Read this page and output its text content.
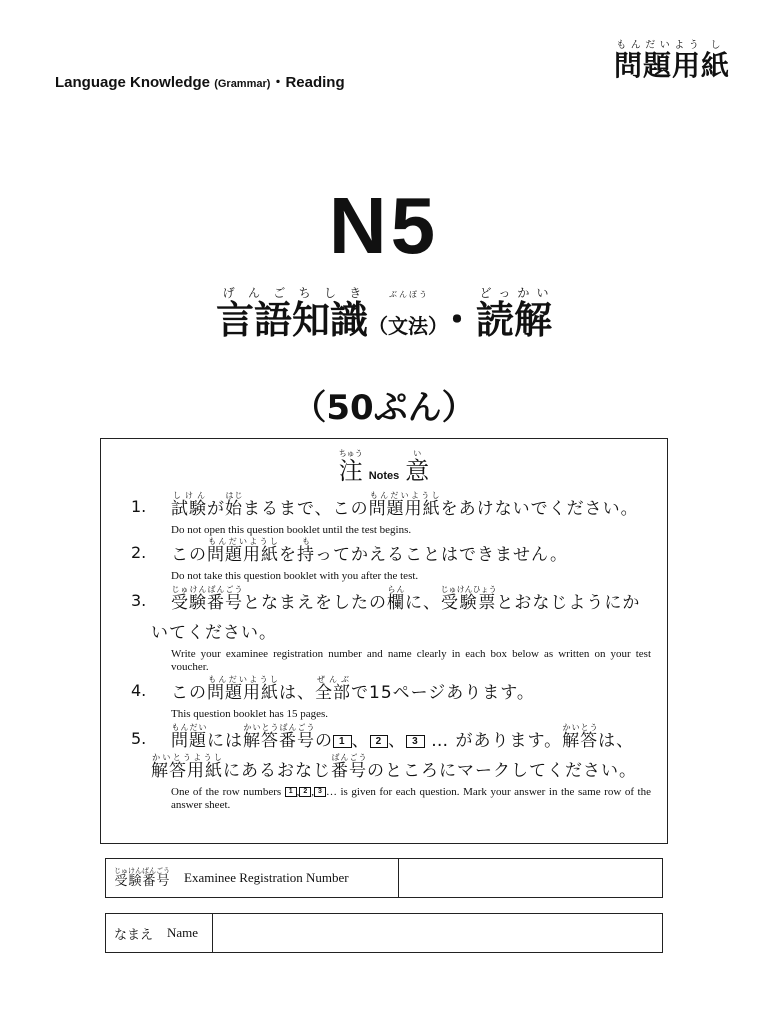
Language Knowledge (Grammar)・Reading
問もん題だい用よう紙し
N5
言語知識げんごちしき（文法ぶんぽう）・読解どっかい
（50ぷん）
注ちゅうNotes 意い
1. 試験しけんが始はじまるまで、この問題用紙もんだいようしをあけないでください。
Do not open this question booklet until the test begins.
2. この問題用紙もんだいようしを持もってかえることはできません。
Do not take this question booklet with you after the test.
3.	受験番号じゅけんばんごうとなまえをしたの欄らんに、受験票じゅけんひょうとおなじようにかいてください。
Write your examinee registration number and name clearly in each box below as written on your test voucher.
4. この問題用紙もんだいようしは、全部ぜんぶで15ページあります。
This question booklet has 15 pages.
5.	問題もんだいには解答番号かいとうばんごうの 1 、 2 、 3 … があります。解答かいとうは、解答用紙かいとうようしにあるおなじ番号ばんごうのところにマークしてください。
One of the row numbers 1 , 2 , 3 … is given for each question. Mark your answer in the same row of the answer sheet.
受験番号じゅけんばんごう Examinee Registration Number
なまえ Name
